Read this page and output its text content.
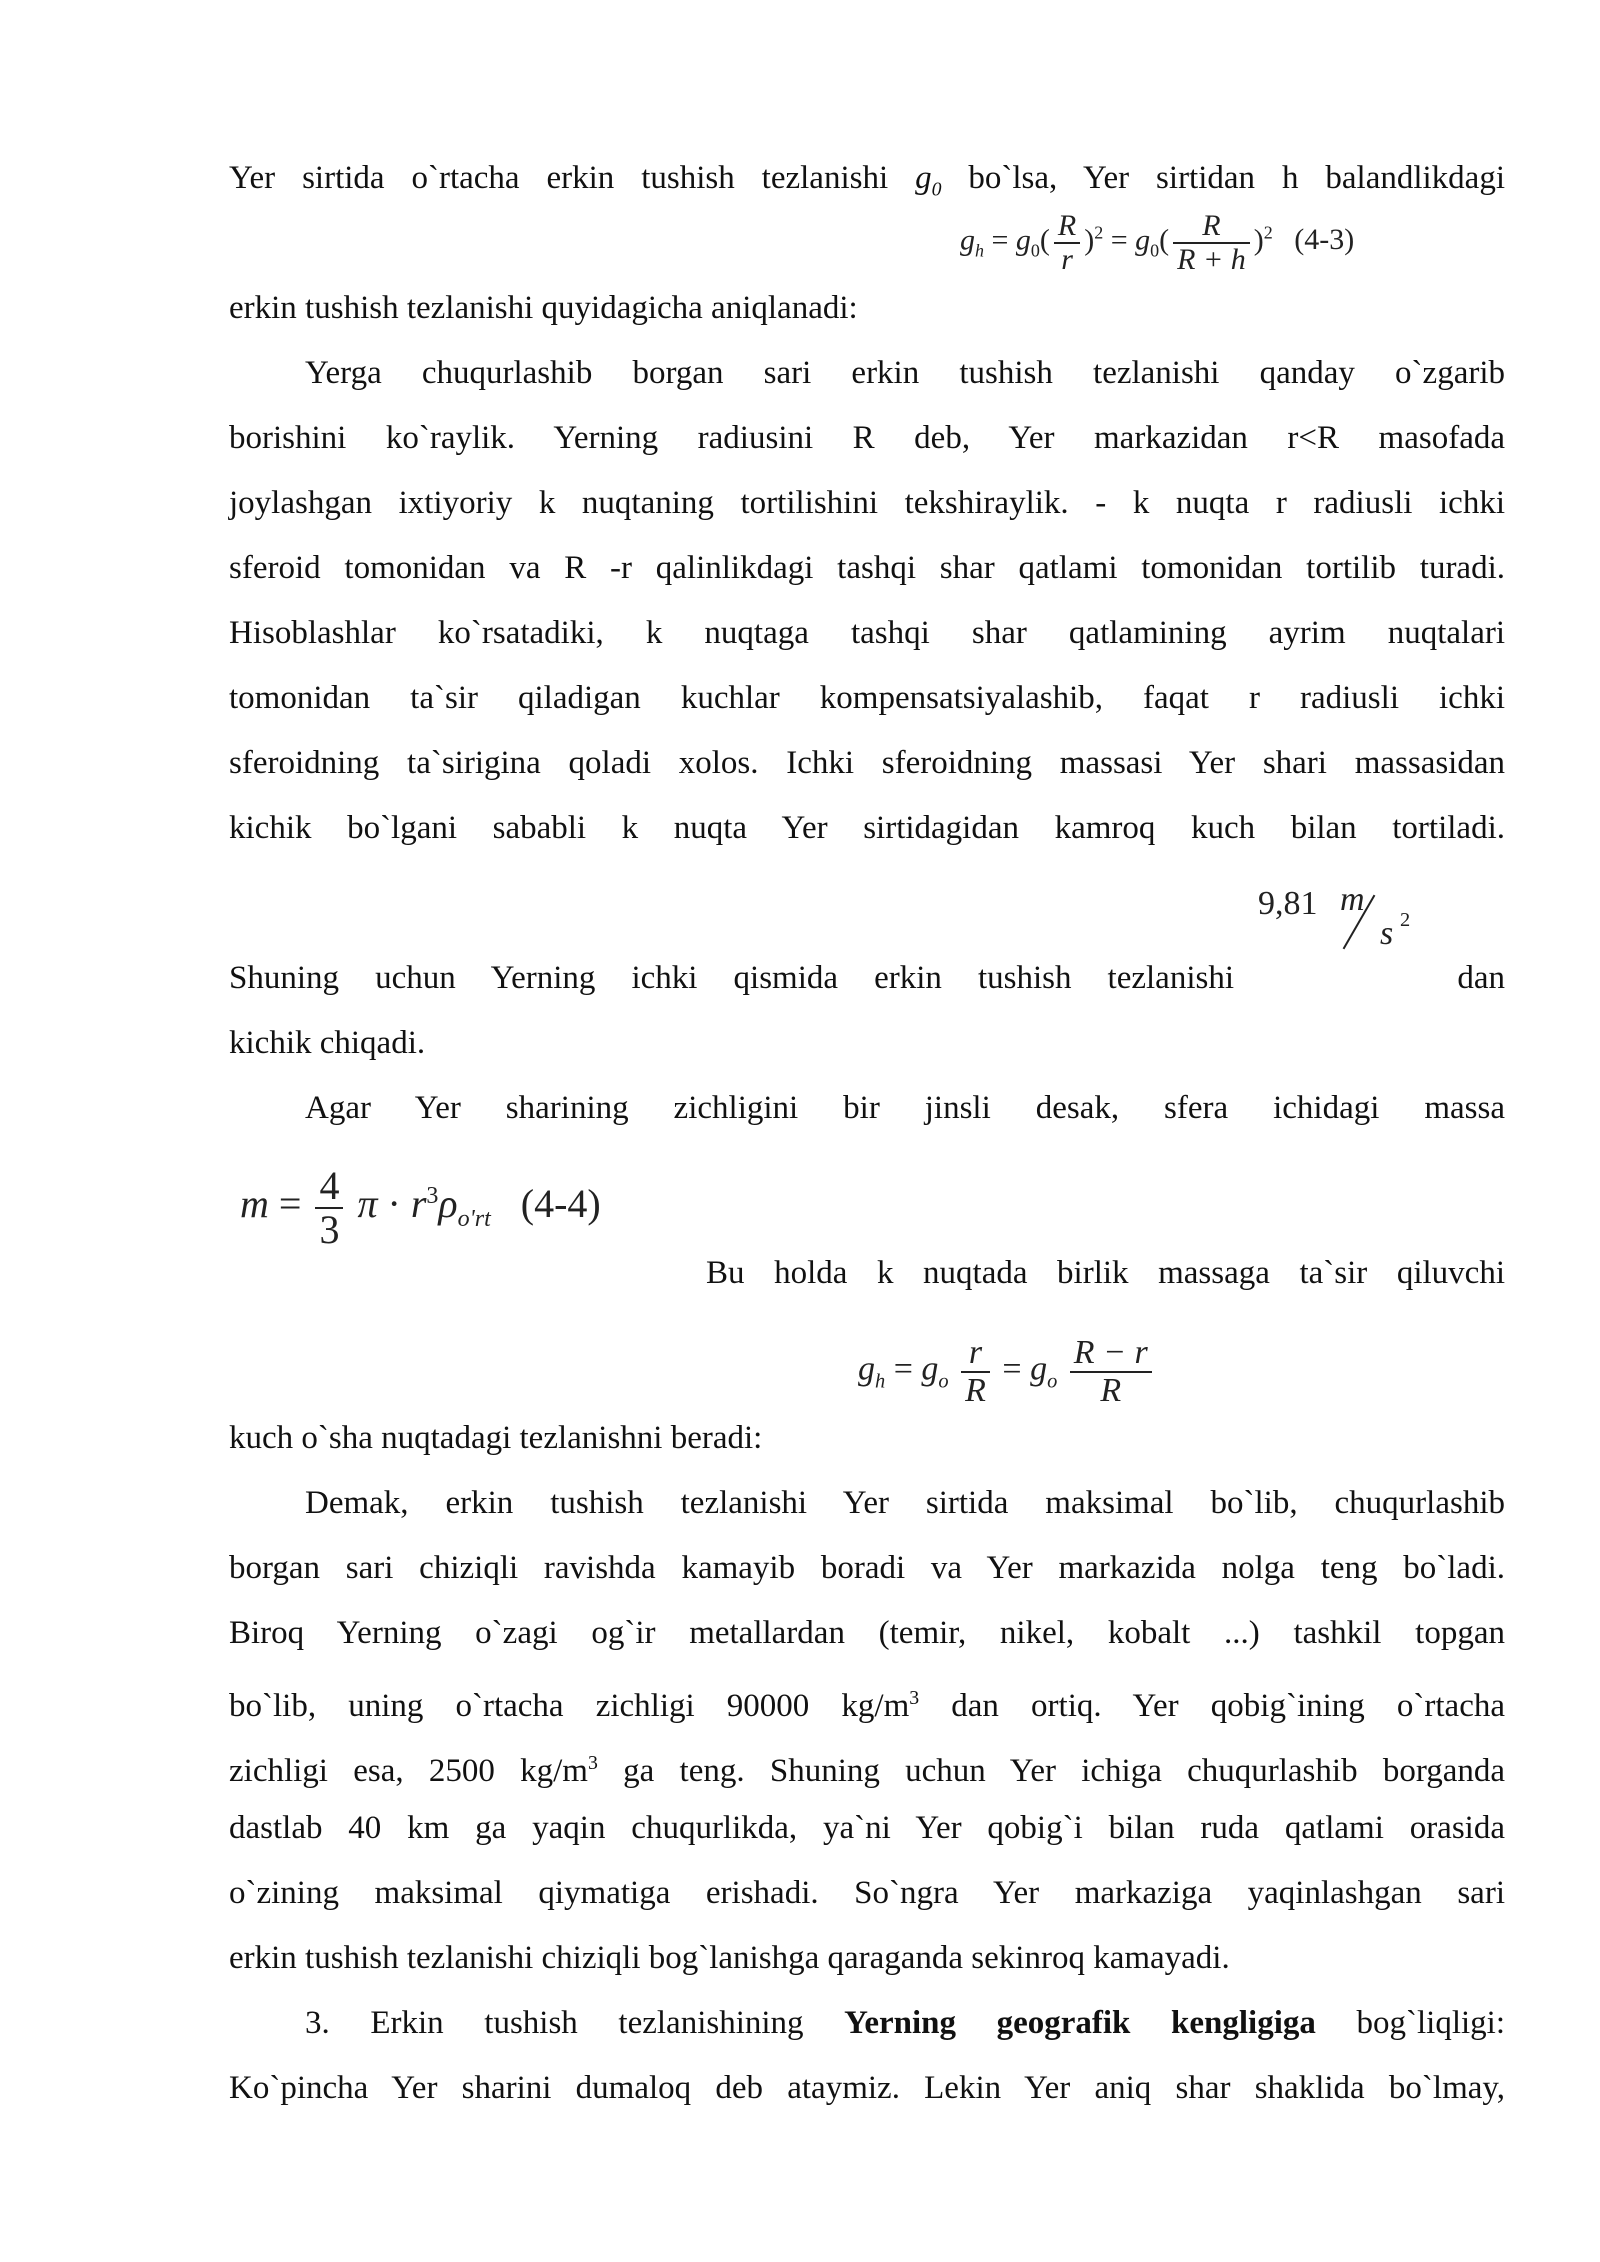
Yer sirtida o`rtacha erkin tushish tezlanishi $g_0$ bo`lsa, Yer sirtidan h balandlikdagi
$g_h = g_0( \frac{R}{r} )^2 = g_0( \frac{R}{R + h} )^2$ (4-3)
erkin tushish tezlanishi quyidagicha aniqlanadi:
Yerga chuqurlashib borgan sari erkin tushish tezlanishi qanday o`zgarib
borishini ko`raylik. Yerning radiusini R deb, Yer markazidan r<R masofada
joylashgan ixtiyoriy k nuqtaning tortilishini tekshiraylik. - k nuqta r radiusli ichki
sferoid tomonidan va R -r qalinlikdagi tashqi shar qatlami tomonidan tortilib turadi.
Hisoblashlar ko`rsatadiki, k nuqtaga tashqi shar qatlamining ayrim nuqtalari
tomonidan ta`sir qiladigan kuchlar kompensatsiyalashib, faqat r radiusli ichki
sferoidning ta`sirigina qoladi xolos. Ichki sferoidning massasi Yer shari massasidan
kichik bo`lgani sababli k nuqta Yer sirtidagidan kamroq kuch bilan tortiladi.
9,81 m
s 2
Shuning uchun Yerning ichki qismida erkin tushish tezlanishi	dan
kichik chiqadi.
Agar Yer sharining zichligini bir jinsli desak, sfera ichidagi massa
$m = \frac{4}{3}$ $\pi \cdot r^3\rho_{o'rt}$ (4-4)
Bu holda k nuqtada birlik massaga ta`sir qiluvchi
$g_h = g_o \frac{r}{R} = g_o \frac{R - r}{R}$
kuch o`sha nuqtadagi tezlanishni beradi:
Demak, erkin tushish tezlanishi Yer sirtida maksimal bo`lib, chuqurlashib
borgan sari chiziqli ravishda kamayib boradi va Yer markazida nolga teng bo`ladi.
Biroq Yerning o`zagi og`ir metallardan (temir, nikel, kobalt ...) tashkil topgan
bo`lib, uning o`rtacha zichligi 90000 $kg/m^3$ dan ortiq. Yer qobig`ining o`rtacha
zichligi esa, 2500 $kg/m^3$ ga teng. Shuning uchun Yer ichiga chuqurlashib borganda
dastlab 40 km ga yaqin chuqurlikda, ya`ni Yer qobig`i bilan ruda qatlami orasida
o`zining maksimal qiymatiga erishadi. So`ngra Yer markaziga yaqinlashgan sari
erkin tushish tezlanishi chiziqli bog`lanishga qaraganda sekinroq kamayadi.
3. Erkin tushish tezlanishining Yerning geografik kengligiga bog`liqligi:
Ko`pincha Yer sharini dumaloq deb ataymiz. Lekin Yer aniq shar shaklida bo`lmay,
